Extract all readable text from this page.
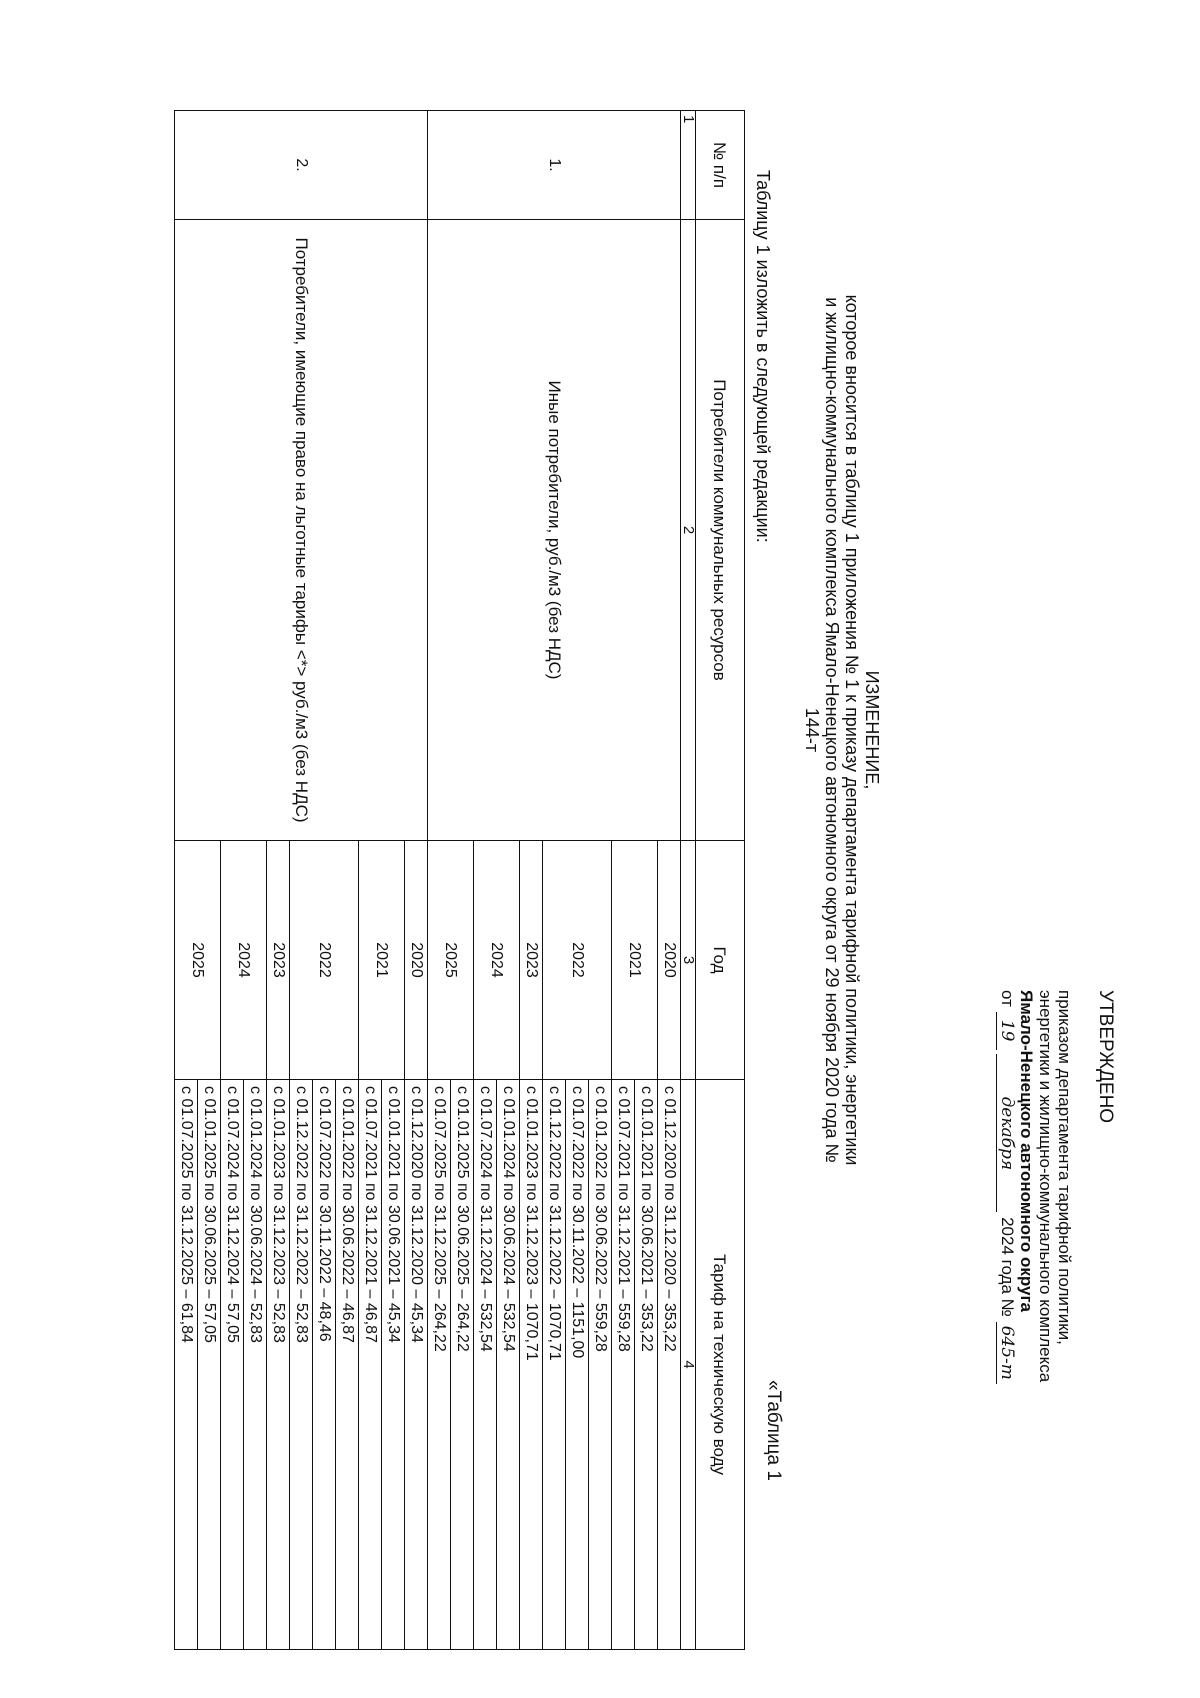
УТВЕРЖДЕНО
приказом департамента тарифной политики,
энергетики и жилищно-коммунального комплекса
Ямало-Ненецкого автономного округа
от 19 декабря 2024 года № 645-т
ИЗМЕНЕНИЕ,
которое вносится в таблицу 1 приложения № 1 к приказу департамента тарифной политики, энергетики и жилищно-коммунального комплекса Ямало-Ненецкого автономного округа от 29 ноября 2020 года № 144-т
«Таблица 1
Таблицу 1 изложить в следующей редакции:
№ п/п	Потребители коммунальных ресурсов	Год	Тариф на техническую воду
1	2	3	4
1.	Иные потребители, руб./м3 (без НДС)	2020	с 01.12.2020 по 31.12.2020 – 353,22
		2021	с 01.01.2021 по 30.06.2021 – 353,22
			с 01.07.2021 по 31.12.2021 – 559,28
		2022	с 01.01.2022 по 30.06.2022 – 559,28
			с 01.07.2022 по 30.11.2022 – 1151,00
			с 01.12.2022 по 31.12.2022 – 1070,71
		2023	с 01.01.2023 по 31.12.2023 – 1070,71
		2024	с 01.01.2024 по 30.06.2024 – 532,54
			с 01.07.2024 по 31.12.2024 – 532,54
		2025	с 01.01.2025 по 30.06.2025 – 264,22
			с 01.07.2025 по 31.12.2025 – 264,22
2.	Потребители, имеющие право на льготные тарифы <*> руб./м3 (без НДС)	2020	с 01.12.2020 по 31.12.2020 – 45,34
		2021	с 01.01.2021 по 30.06.2021 – 45,34
			с 01.07.2021 по 31.12.2021 – 46,87
		2022	с 01.01.2022 по 30.06.2022 – 46,87
			с 01.07.2022 по 30.11.2022 – 48,46
			с 01.12.2022 по 31.12.2022 – 52,83
		2023	с 01.01.2023 по 31.12.2023 – 52,83
		2024	с 01.01.2024 по 30.06.2024 – 52,83
			с 01.07.2024 по 31.12.2024 – 57,05
		2025	с 01.01.2025 по 30.06.2025 – 57,05
			с 01.07.2025 по 31.12.2025 – 61,84
